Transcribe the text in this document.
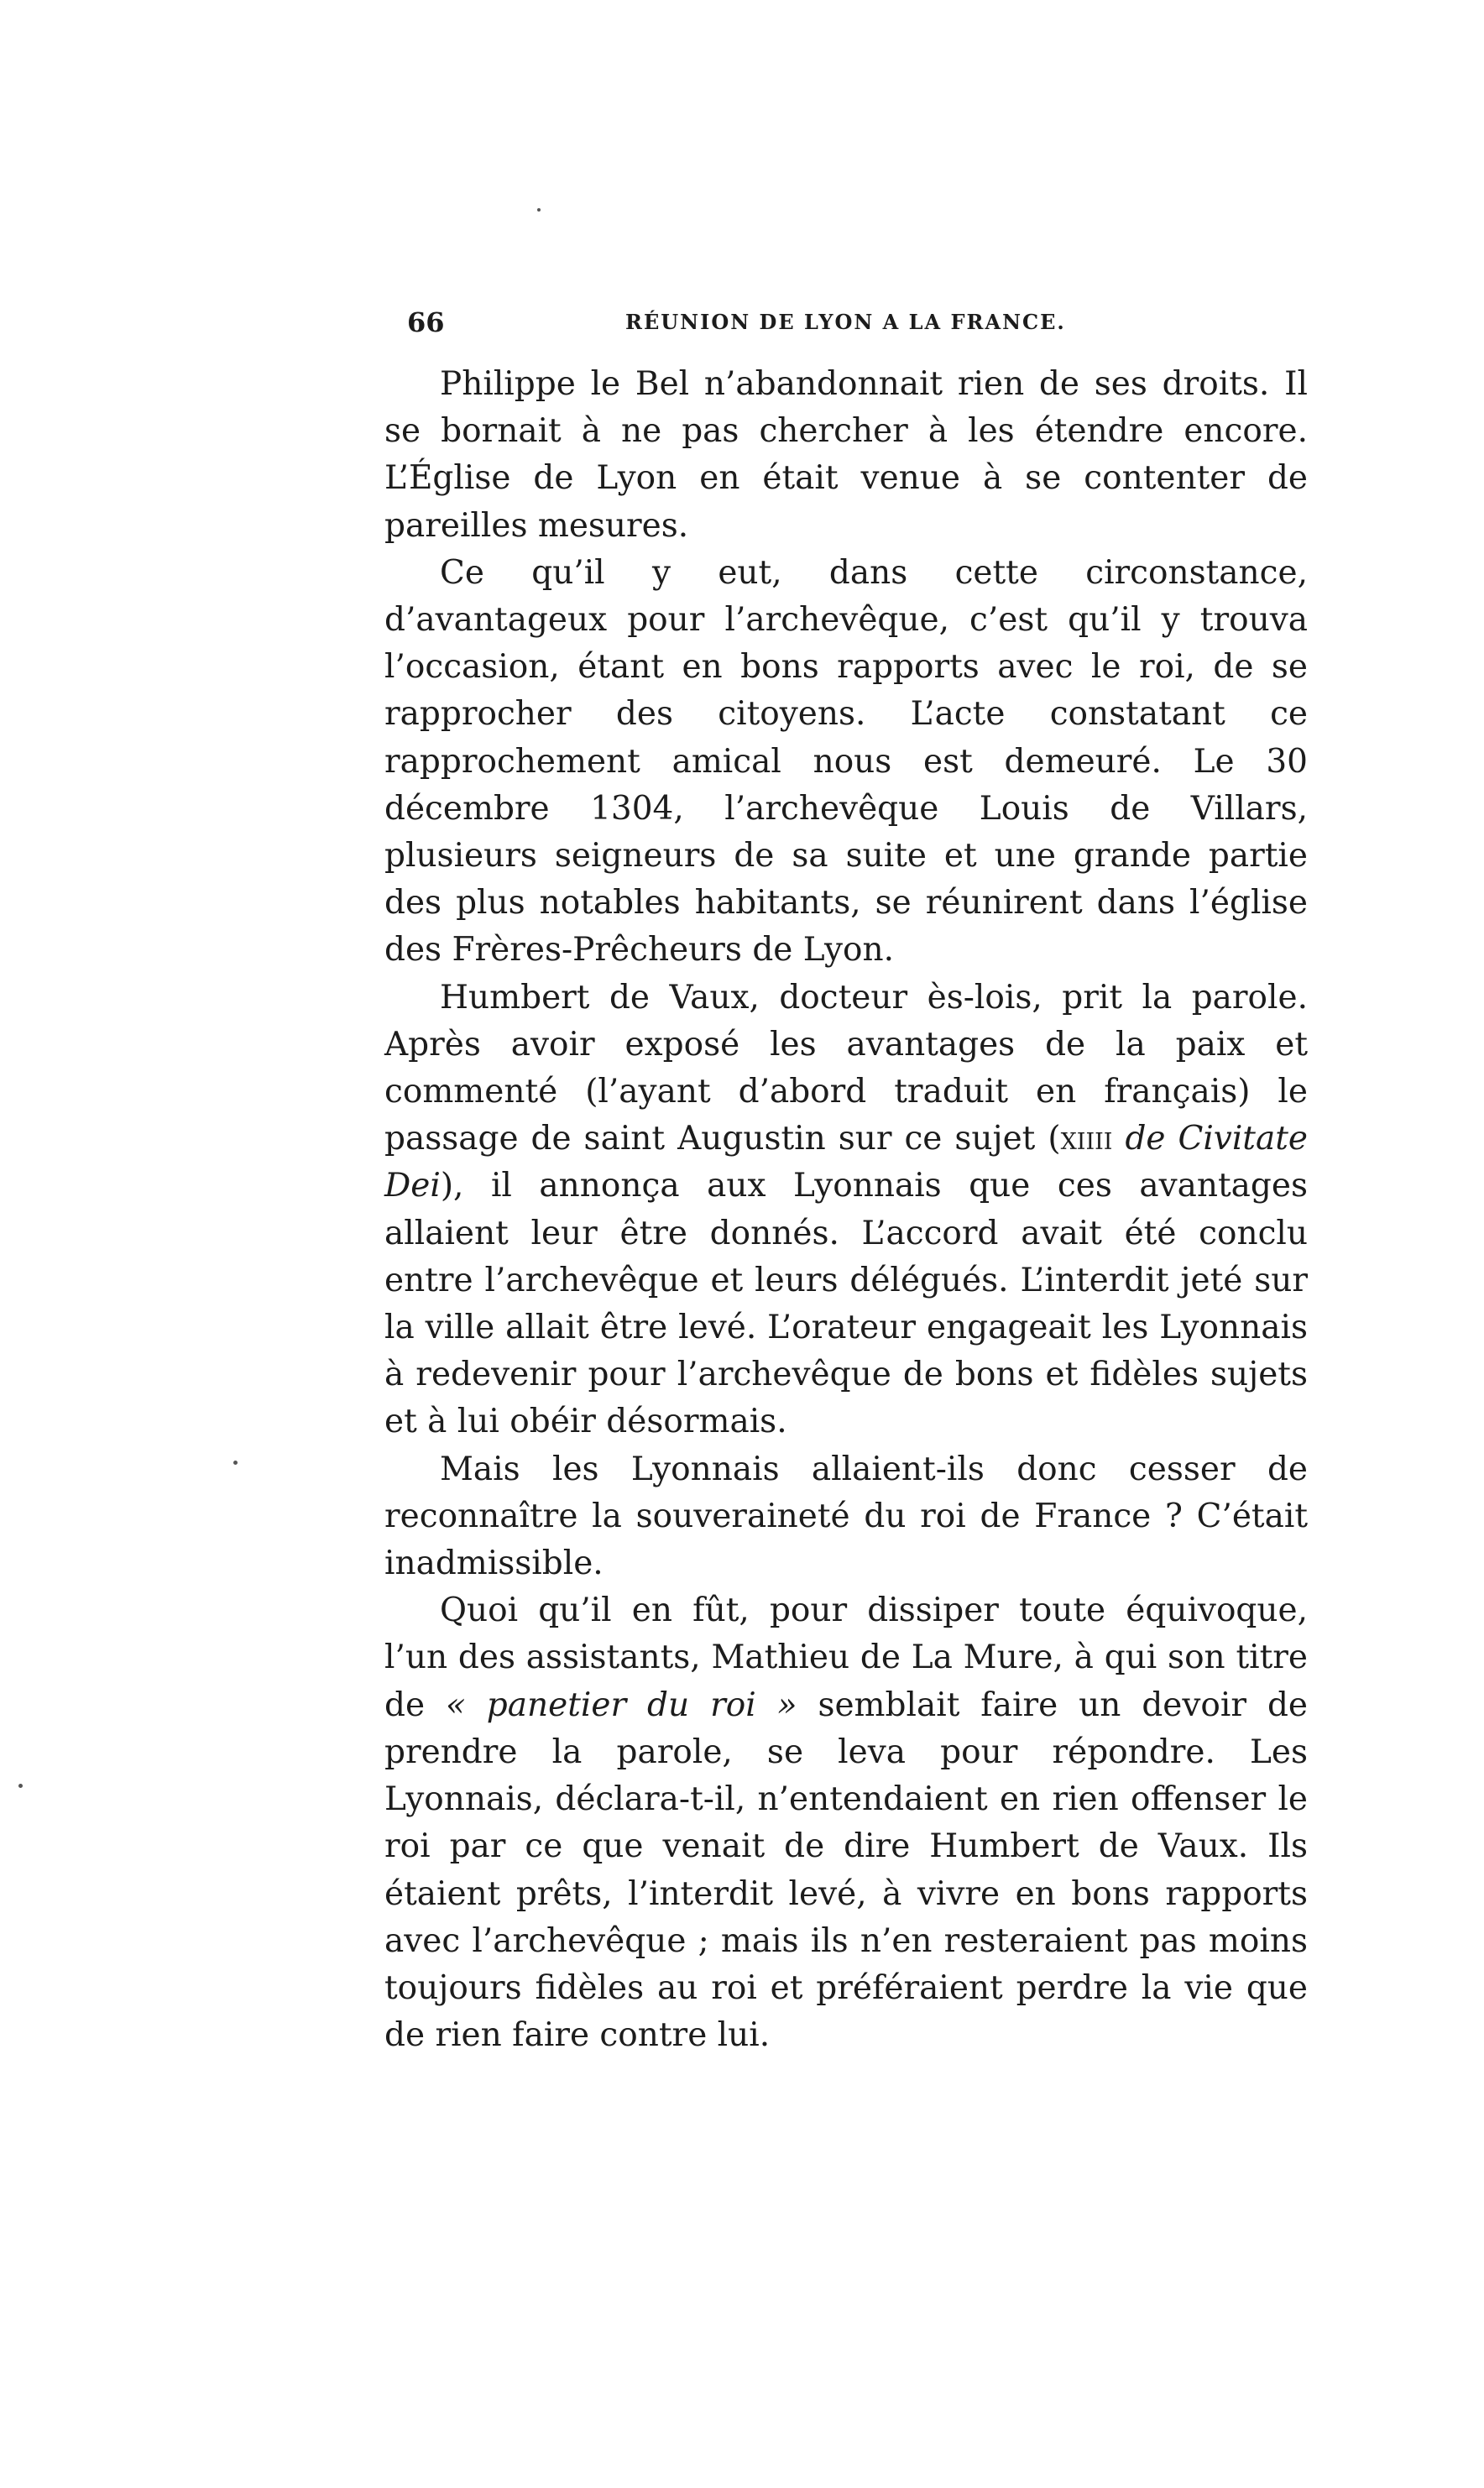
66	RÉUNION DE LYON A LA FRANCE.

Philippe le Bel n’abandonnait rien de ses droits. Il se bornait à ne pas chercher à les étendre encore. L’Église de Lyon en était venue à se contenter de pareilles mesures.

Ce qu’il y eut, dans cette circonstance, d’avantageux pour l’archevêque, c’est qu’il y trouva l’occasion, étant en bons rapports avec le roi, de se rapprocher des citoyens. L’acte constatant ce rapprochement amical nous est demeuré. Le 30 décembre 1304, l’archevêque Louis de Villars, plusieurs seigneurs de sa suite et une grande partie des plus notables habitants, se réunirent dans l’église des Frères-Prêcheurs de Lyon.

Humbert de Vaux, docteur ès-lois, prit la parole. Après avoir exposé les avantages de la paix et commenté (l’ayant d’abord traduit en français) le passage de saint Augustin sur ce sujet (xiiii de Civitate Dei), il annonça aux Lyonnais que ces avantages allaient leur être donnés. L’accord avait été conclu entre l’archevêque et leurs délégués. L’interdit jeté sur la ville allait être levé. L’orateur engageait les Lyonnais à redevenir pour l’archevêque de bons et fidèles sujets et à lui obéir désormais.

Mais les Lyonnais allaient-ils donc cesser de reconnaître la souveraineté du roi de France ? C’était inadmissible.

Quoi qu’il en fût, pour dissiper toute équivoque, l’un des assistants, Mathieu de La Mure, à qui son titre de « panetier du roi » semblait faire un devoir de prendre la parole, se leva pour répondre. Les Lyonnais, déclara-t-il, n’entendaient en rien offenser le roi par ce que venait de dire Humbert de Vaux. Ils étaient prêts, l’interdit levé, à vivre en bons rapports avec l’archevêque ; mais ils n’en resteraient pas moins toujours fidèles au roi et préféraient perdre la vie que de rien faire contre lui.
